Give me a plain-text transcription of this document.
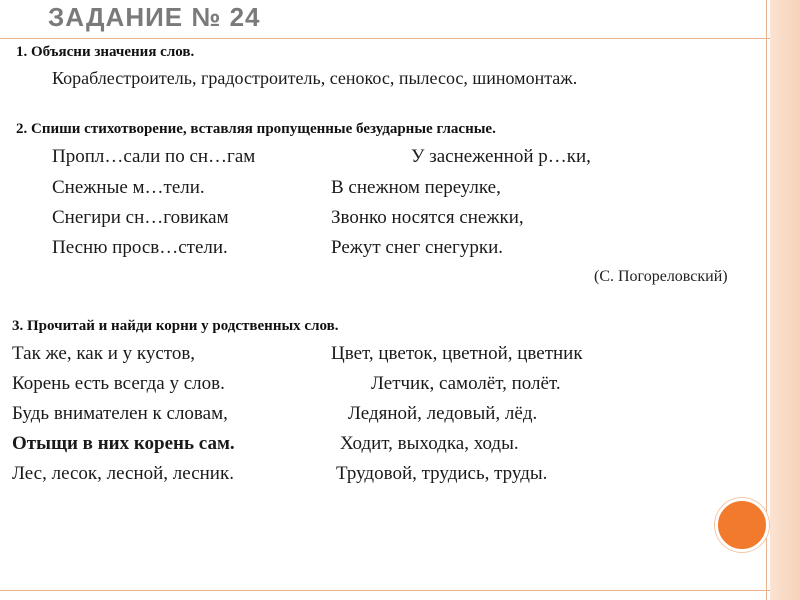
ЗАДАНИЕ № 24
1. Объясни значения слов.
Кораблестроитель, градостроитель, сенокос, пылесос, шиномонтаж.
2. Спиши стихотворение, вставляя пропущенные безударные гласные.
Пропл…сали по сн…гам
Снежные м…тели.
Снегири сн…говикам
Песню просв…стели.
У заснеженной р…ки,
В снежном переулке,
Звонко носятся снежки,
Режут снег снегурки.
(С. Погореловский)
3. Прочитай и найди корни у родственных слов.
Так же, как и у кустов,
Корень есть всегда у слов.
Будь внимателен к словам,
Отыщи в них корень сам.
Лес, лесок, лесной, лесник.
Цвет, цветок, цветной, цветник
Летчик, самолёт, полёт.
Ледяной, ледовый, лёд.
Ходит, выходка, ходы.
Трудовой, трудись, труды.
